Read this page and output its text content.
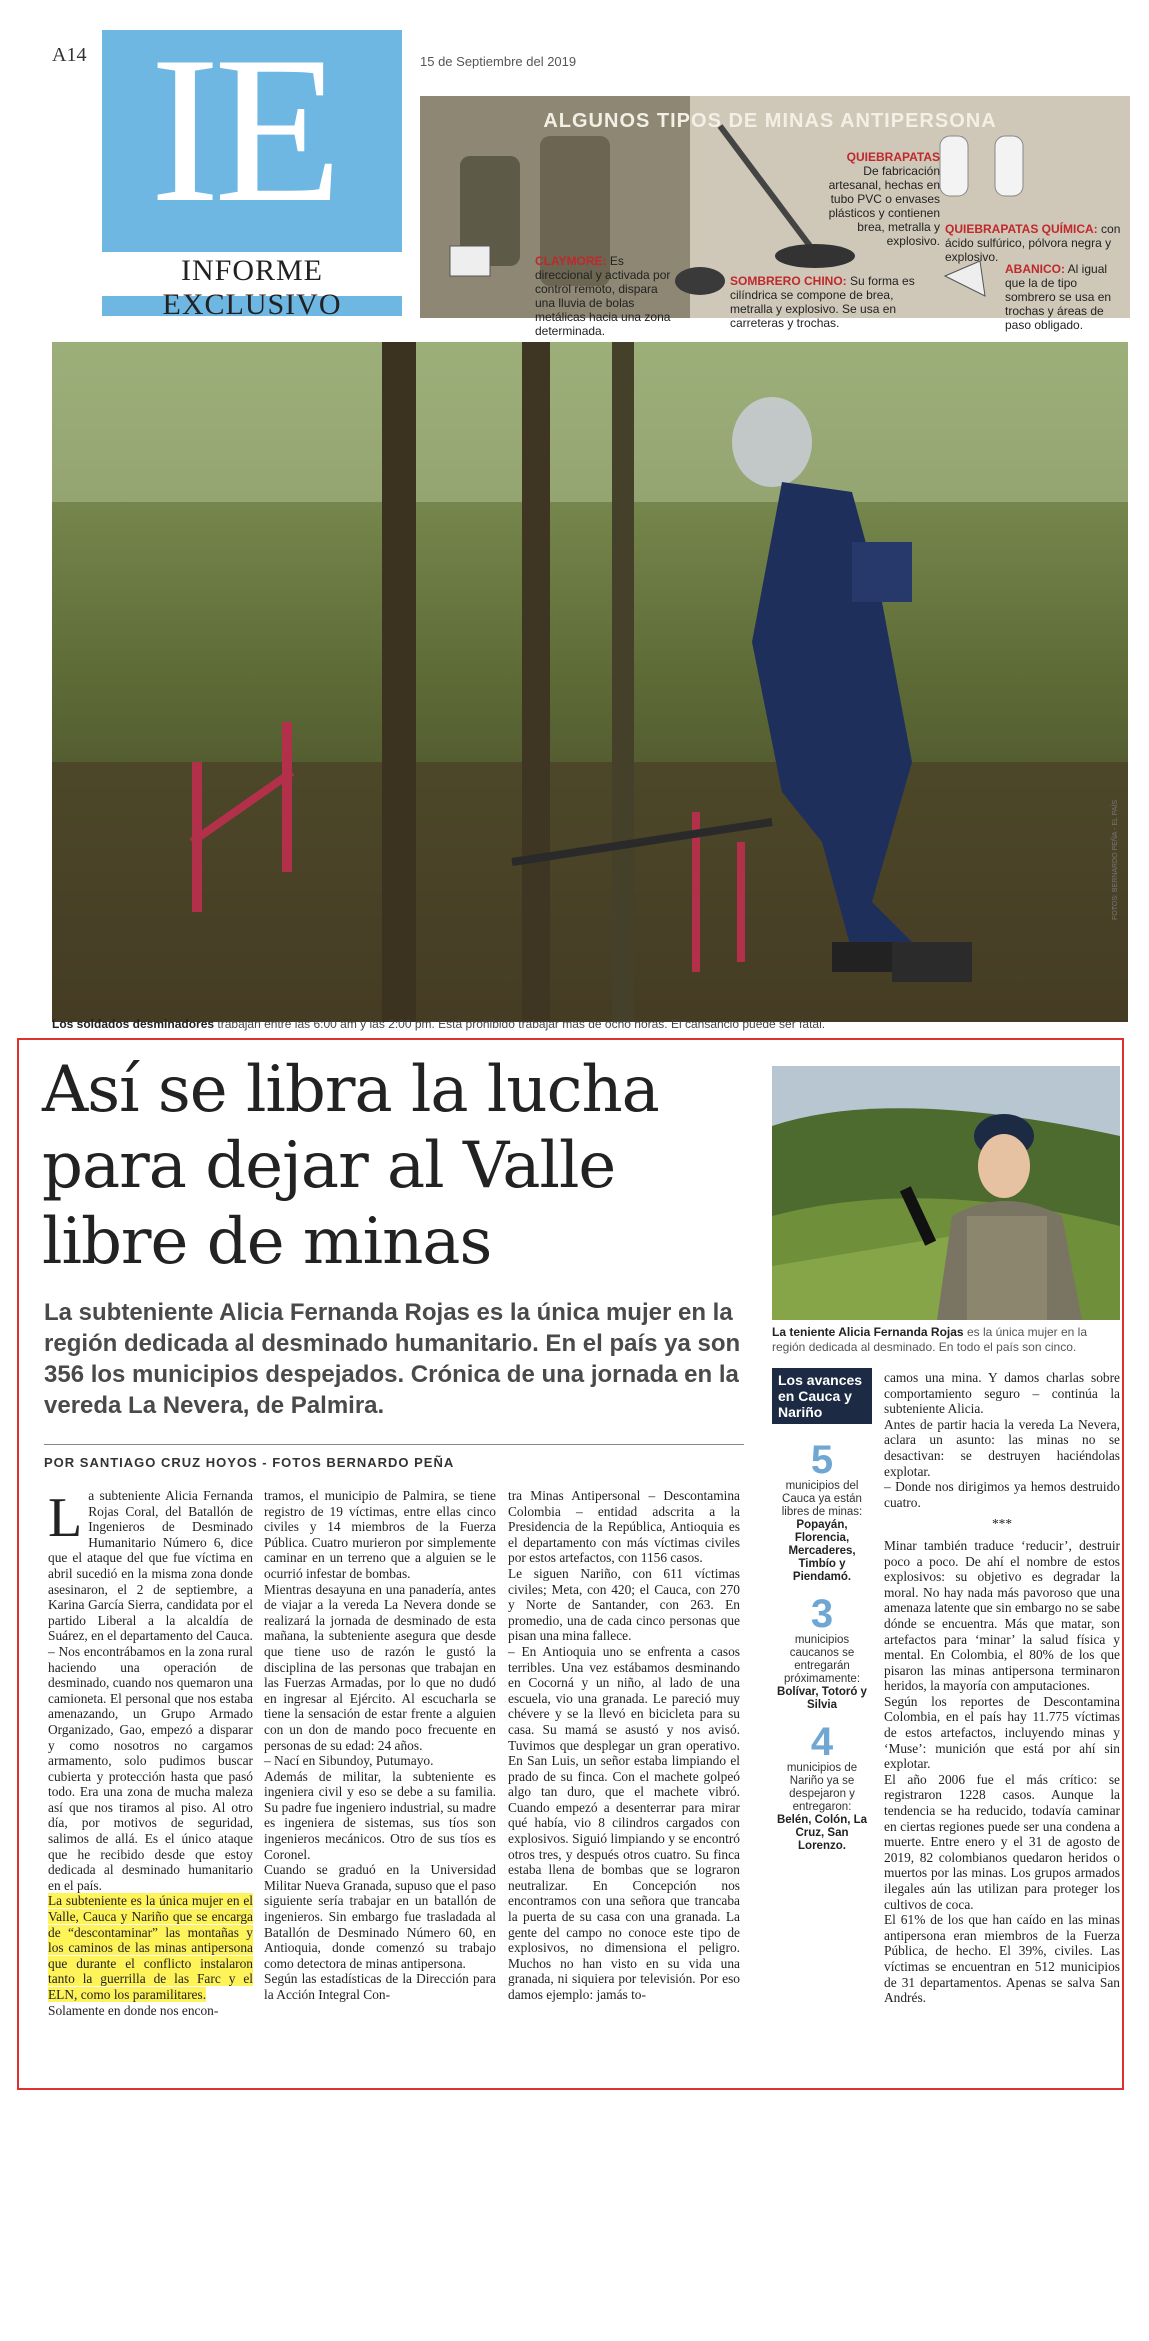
A14 IE
INFORME EXCLUSIVO
15 de Septiembre del 2019
ALGUNOS TIPOS DE MINAS ANTIPERSONA
QUIEBRAPATAS
De fabricación artesanal, hechas en tubo PVC o envases plásticos y contienen brea, metralla y explosivo.
QUIEBRAPATAS QUÍMICA: con ácido sulfúrico, pólvora negra y explosivo.
CLAYMORE: Es direccional y activada por control remoto, dispara una lluvia de bolas metálicas hacia una zona determinada.
SOMBRERO CHINO: Su forma es cilíndrica se compone de brea, metralla y explosivo. Se usa en carreteras y trochas.
ABANICO: Al igual que la de tipo sombrero se usa en trochas y áreas de paso obligado.
FOTOS: BERNARDO PEÑA - EL PAÍS
Los soldados desminadores trabajan entre las 6:00 am y las 2:00 pm. Está prohibido trabajar más de ocho horas. El cansancio puede ser fatal.
Así se libra la lucha para dejar al Valle libre de minas
La subteniente Alicia Fernanda Rojas es la única mujer en la región dedicada al desminado humanitario. En el país ya son 356 los municipios despejados. Crónica de una jornada en la vereda La Nevera, de Palmira.
POR SANTIAGO CRUZ HOYOS - FOTOS BERNARDO PEÑA

La subteniente Alicia Fernanda Rojas Coral, del Batallón de Ingenieros de Desminado Humanitario Número 6, dice que el ataque del que fue víctima en abril sucedió en la misma zona donde asesinaron, el 2 de septiembre, a Karina García Sierra, candidata por el partido Liberal a la alcaldía de Suárez, en el departamento del Cauca.

– Nos encontrábamos en la zona rural haciendo una operación de desminado, cuando nos quemaron una camioneta. El personal que nos estaba amenazando, un Grupo Armado Organizado, Gao, empezó a disparar y como nosotros no cargamos armamento, solo pudimos buscar cubierta y protección hasta que pasó todo. Era una zona de mucha maleza así que nos tiramos al piso. Al otro día, por motivos de seguridad, salimos de allá. Es el único ataque que he recibido desde que estoy dedicada al desminado humanitario en el país.

La subteniente es la única mujer en el Valle, Cauca y Nariño que se encarga de “descontaminar” las montañas y los caminos de las minas antipersona que durante el conflicto instalaron tanto la guerrilla de las Farc y el ELN, como los paramilitares.

Solamente en donde nos encon-

tramos, el municipio de Palmira, se tiene registro de 19 víctimas, entre ellas cinco civiles y 14 miembros de la Fuerza Pública. Cuatro murieron por simplemente caminar en un terreno que a alguien se le ocurrió infestar de bombas.

Mientras desayuna en una panadería, antes de viajar a la vereda La Nevera donde se realizará la jornada de desminado de esta mañana, la subteniente asegura que desde que tiene uso de razón le gustó la disciplina de las personas que trabajan en las Fuerzas Armadas, por lo que no dudó en ingresar al Ejército. Al escucharla se tiene la sensación de estar frente a alguien con un don de mando poco frecuente en personas de su edad: 24 años.

– Nací en Sibundoy, Putumayo.

Además de militar, la subteniente es ingeniera civil y eso se debe a su familia. Su padre fue ingeniero industrial, su madre es ingeniera de sistemas, sus tíos son ingenieros mecánicos. Otro de sus tíos es Coronel.

Cuando se graduó en la Universidad Militar Nueva Granada, supuso que el paso siguiente sería trabajar en un batallón de ingenieros. Sin embargo fue trasladada al Batallón de Desminado Número 60, en Antioquia, donde comenzó su trabajo como detectora de minas antipersona.

Según las estadísticas de la Dirección para la Acción Integral Con-

tra Minas Antipersonal – Descontamina Colombia – entidad adscrita a la Presidencia de la República, Antioquia es el departamento con más víctimas civiles por estos artefactos, con 1156 casos.

Le siguen Nariño, con 611 víctimas civiles; Meta, con 420; el Cauca, con 270 y Norte de Santander, con 263. En promedio, una de cada cinco personas que pisan una mina fallece.

– En Antioquia uno se enfrenta a casos terribles. Una vez estábamos desminando en Cocorná y un niño, al lado de una escuela, vio una granada. Le pareció muy chévere y se la llevó en bicicleta para su casa. Su mamá se asustó y nos avisó. Tuvimos que desplegar un gran operativo. En San Luis, un señor estaba limpiando el prado de su finca. Con el machete golpeó algo tan duro, que el machete vibró. Cuando empezó a desenterrar para mirar qué había, vio 8 cilindros cargados con explosivos. Siguió limpiando y se encontró otros tres, y después otros cuatro. Su finca estaba llena de bombas que se lograron neutralizar. En Concepción nos encontramos con una señora que trancaba la puerta de su casa con una granada. La gente del campo no conoce este tipo de explosivos, no dimensiona el peligro. Muchos no han visto en su vida una granada, ni siquiera por televisión. Por eso damos ejemplo: jamás to-

La teniente Alicia Fernanda Rojas es la única mujer en la región dedicada al desminado. En todo el país son cinco.
Los avances en Cauca y Nariño
5
municipios del Cauca ya están libres de minas:
Popayán, Florencia, Mercaderes, Timbío y Piendamó.
3
municipios caucanos se entregarán próximamente:
Bolívar, Totoró y Silvia
4
municipios de Nariño ya se despejaron y entregaron:
Belén, Colón, La Cruz, San Lorenzo.

camos una mina. Y damos charlas sobre comportamiento seguro – continúa la subteniente Alicia.

Antes de partir hacia la vereda La Nevera, aclara un asunto: las minas no se desactivan: se destruyen haciéndolas explotar.

– Donde nos dirigimos ya hemos destruido cuatro.

***

Minar también traduce ‘reducir’, destruir poco a poco. De ahí el nombre de estos explosivos: su objetivo es degradar la moral. No hay nada más pavoroso que una amenaza latente que sin embargo no se sabe dónde se encuentra. Más que matar, son artefactos para ‘minar’ la salud física y mental. En Colombia, el 80% de los que pisaron las minas antipersona terminaron heridos, la mayoría con amputaciones.

Según los reportes de Descontamina Colombia, en el país hay 11.775 víctimas de estos artefactos, incluyendo minas y ‘Muse’: munición que está por ahí sin explotar.

El año 2006 fue el más crítico: se registraron 1228 casos. Aunque la tendencia se ha reducido, todavía caminar en ciertas regiones puede ser una condena a muerte. Entre enero y el 31 de agosto de 2019, 82 colombianos quedaron heridos o muertos por las minas. Los grupos armados ilegales aún las utilizan para proteger los cultivos de coca.

El 61% de los que han caído en las minas antipersona eran miembros de la Fuerza Pública, de hecho. El 39%, civiles. Las víctimas se encuentran en 512 municipios de 31 departamentos. Apenas se salva San Andrés.
